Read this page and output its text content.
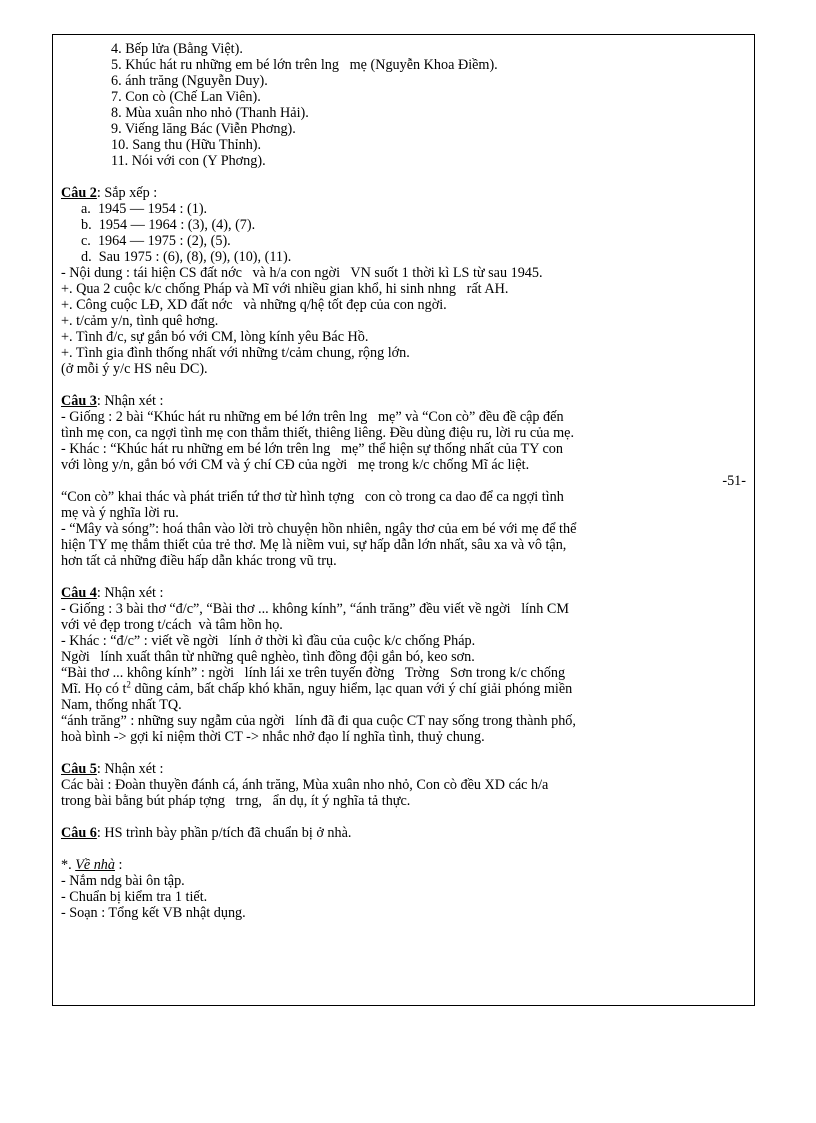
4. Bếp lửa (Bằng Việt).
5. Khúc hát ru những em bé lớn trên lng   mẹ (Nguyễn Khoa Điềm).
6. ánh trăng (Nguyễn Duy).
7. Con cò (Chế Lan Viên).
8. Mùa xuân nho nhỏ (Thanh Hải).
9. Viếng lăng Bác (Viễn Phơng).
10. Sang thu (Hữu Thỉnh).
11. Nói với con (Y Phơng).
Câu 2: Sắp xếp :
a.  1945 — 1954 : (1).
b.  1954 — 1964 : (3), (4), (7).
c.  1964 — 1975 : (2), (5).
d.  Sau 1975 : (6), (8), (9), (10), (11).
- Nội dung : tái hiện CS đất nớc   và h/a con ngời   VN suốt 1 thời kì LS từ sau 1945.
+. Qua 2 cuộc k/c chống Pháp và Mĩ với nhiều gian khổ, hi sinh nhng   rất AH.
+. Công cuộc LĐ, XD đất nớc   và những q/hệ tốt đẹp của con ngời.
+. t/cảm y/n, tình quê hơng.
+. Tình đ/c, sự gắn bó với CM, lòng kính yêu Bác Hồ.
+. Tình gia đình thống nhất với những t/cảm chung, rộng lớn.
(ở mỗi ý y/c HS nêu DC).
Câu 3: Nhận xét :
- Giống : 2 bài “Khúc hát ru những em bé lớn trên lng   mẹ” và “Con cò” đều đề cập đến
tình mẹ con, ca ngợi tình mẹ con thắm thiết, thiêng liêng. Đều dùng điệu ru, lời ru của mẹ.
- Khác : “Khúc hát ru những em bé lớn trên lng   mẹ” thể hiện sự thống nhất của TY con
với lòng y/n, gắn bó với CM và ý chí CĐ của ngời   mẹ trong k/c chống Mĩ ác liệt.
-51-
“Con cò” khai thác và phát triển tứ thơ từ hình tợng   con cò trong ca dao để ca ngợi tình
mẹ và ý nghĩa lời ru.
- “Mây và sóng”: hoá thân vào lời trò chuyện hồn nhiên, ngây thơ của em bé với mẹ để thể
hiện TY mẹ thắm thiết của trẻ thơ. Mẹ là niềm vui, sự hấp dẫn lớn nhất, sâu xa và vô tận,
hơn tất cả những điều hấp dẫn khác trong vũ trụ.
Câu 4: Nhận xét :
- Giống : 3 bài thơ “đ/c”, “Bài thơ ... không kính”, “ánh trăng” đều viết về ngời   lính CM
với vẻ đẹp trong t/cách  và tâm hồn họ.
- Khác : “đ/c” : viết về ngời   lính ở thời kì đầu của cuộc k/c chống Pháp.
Ngời   lính xuất thân từ những quê nghèo, tình đồng đội gắn bó, keo sơn.
“Bài thơ ... không kính” : ngời   lính lái xe trên tuyến đờng   Trờng   Sơn trong k/c chống
Mĩ. Họ có $t^2$ dũng cảm, bất chấp khó khăn, nguy hiểm, lạc quan với ý chí giải phóng miền
Nam, thống nhất TQ.
“ánh trăng” : những suy ngẫm của ngời   lính đã đi qua cuộc CT nay sống trong thành phố,
hoà bình -> gợi kỉ niệm thời CT -> nhắc nhở đạo lí nghĩa tình, thuỷ chung.
Câu 5: Nhận xét :
Các bài : Đoàn thuyền đánh cá, ánh trăng, Mùa xuân nho nhỏ, Con cò đều XD các h/a
trong bài bằng bút pháp tợng   trng,   ẩn dụ, ít ý nghĩa tả thực.
Câu 6: HS trình bày phần p/tích đã chuẩn bị ở nhà.
*. Về nhà :
- Nắm ndg bài ôn tập.
- Chuẩn bị kiểm tra 1 tiết.
- Soạn : Tổng kết VB nhật dụng.
